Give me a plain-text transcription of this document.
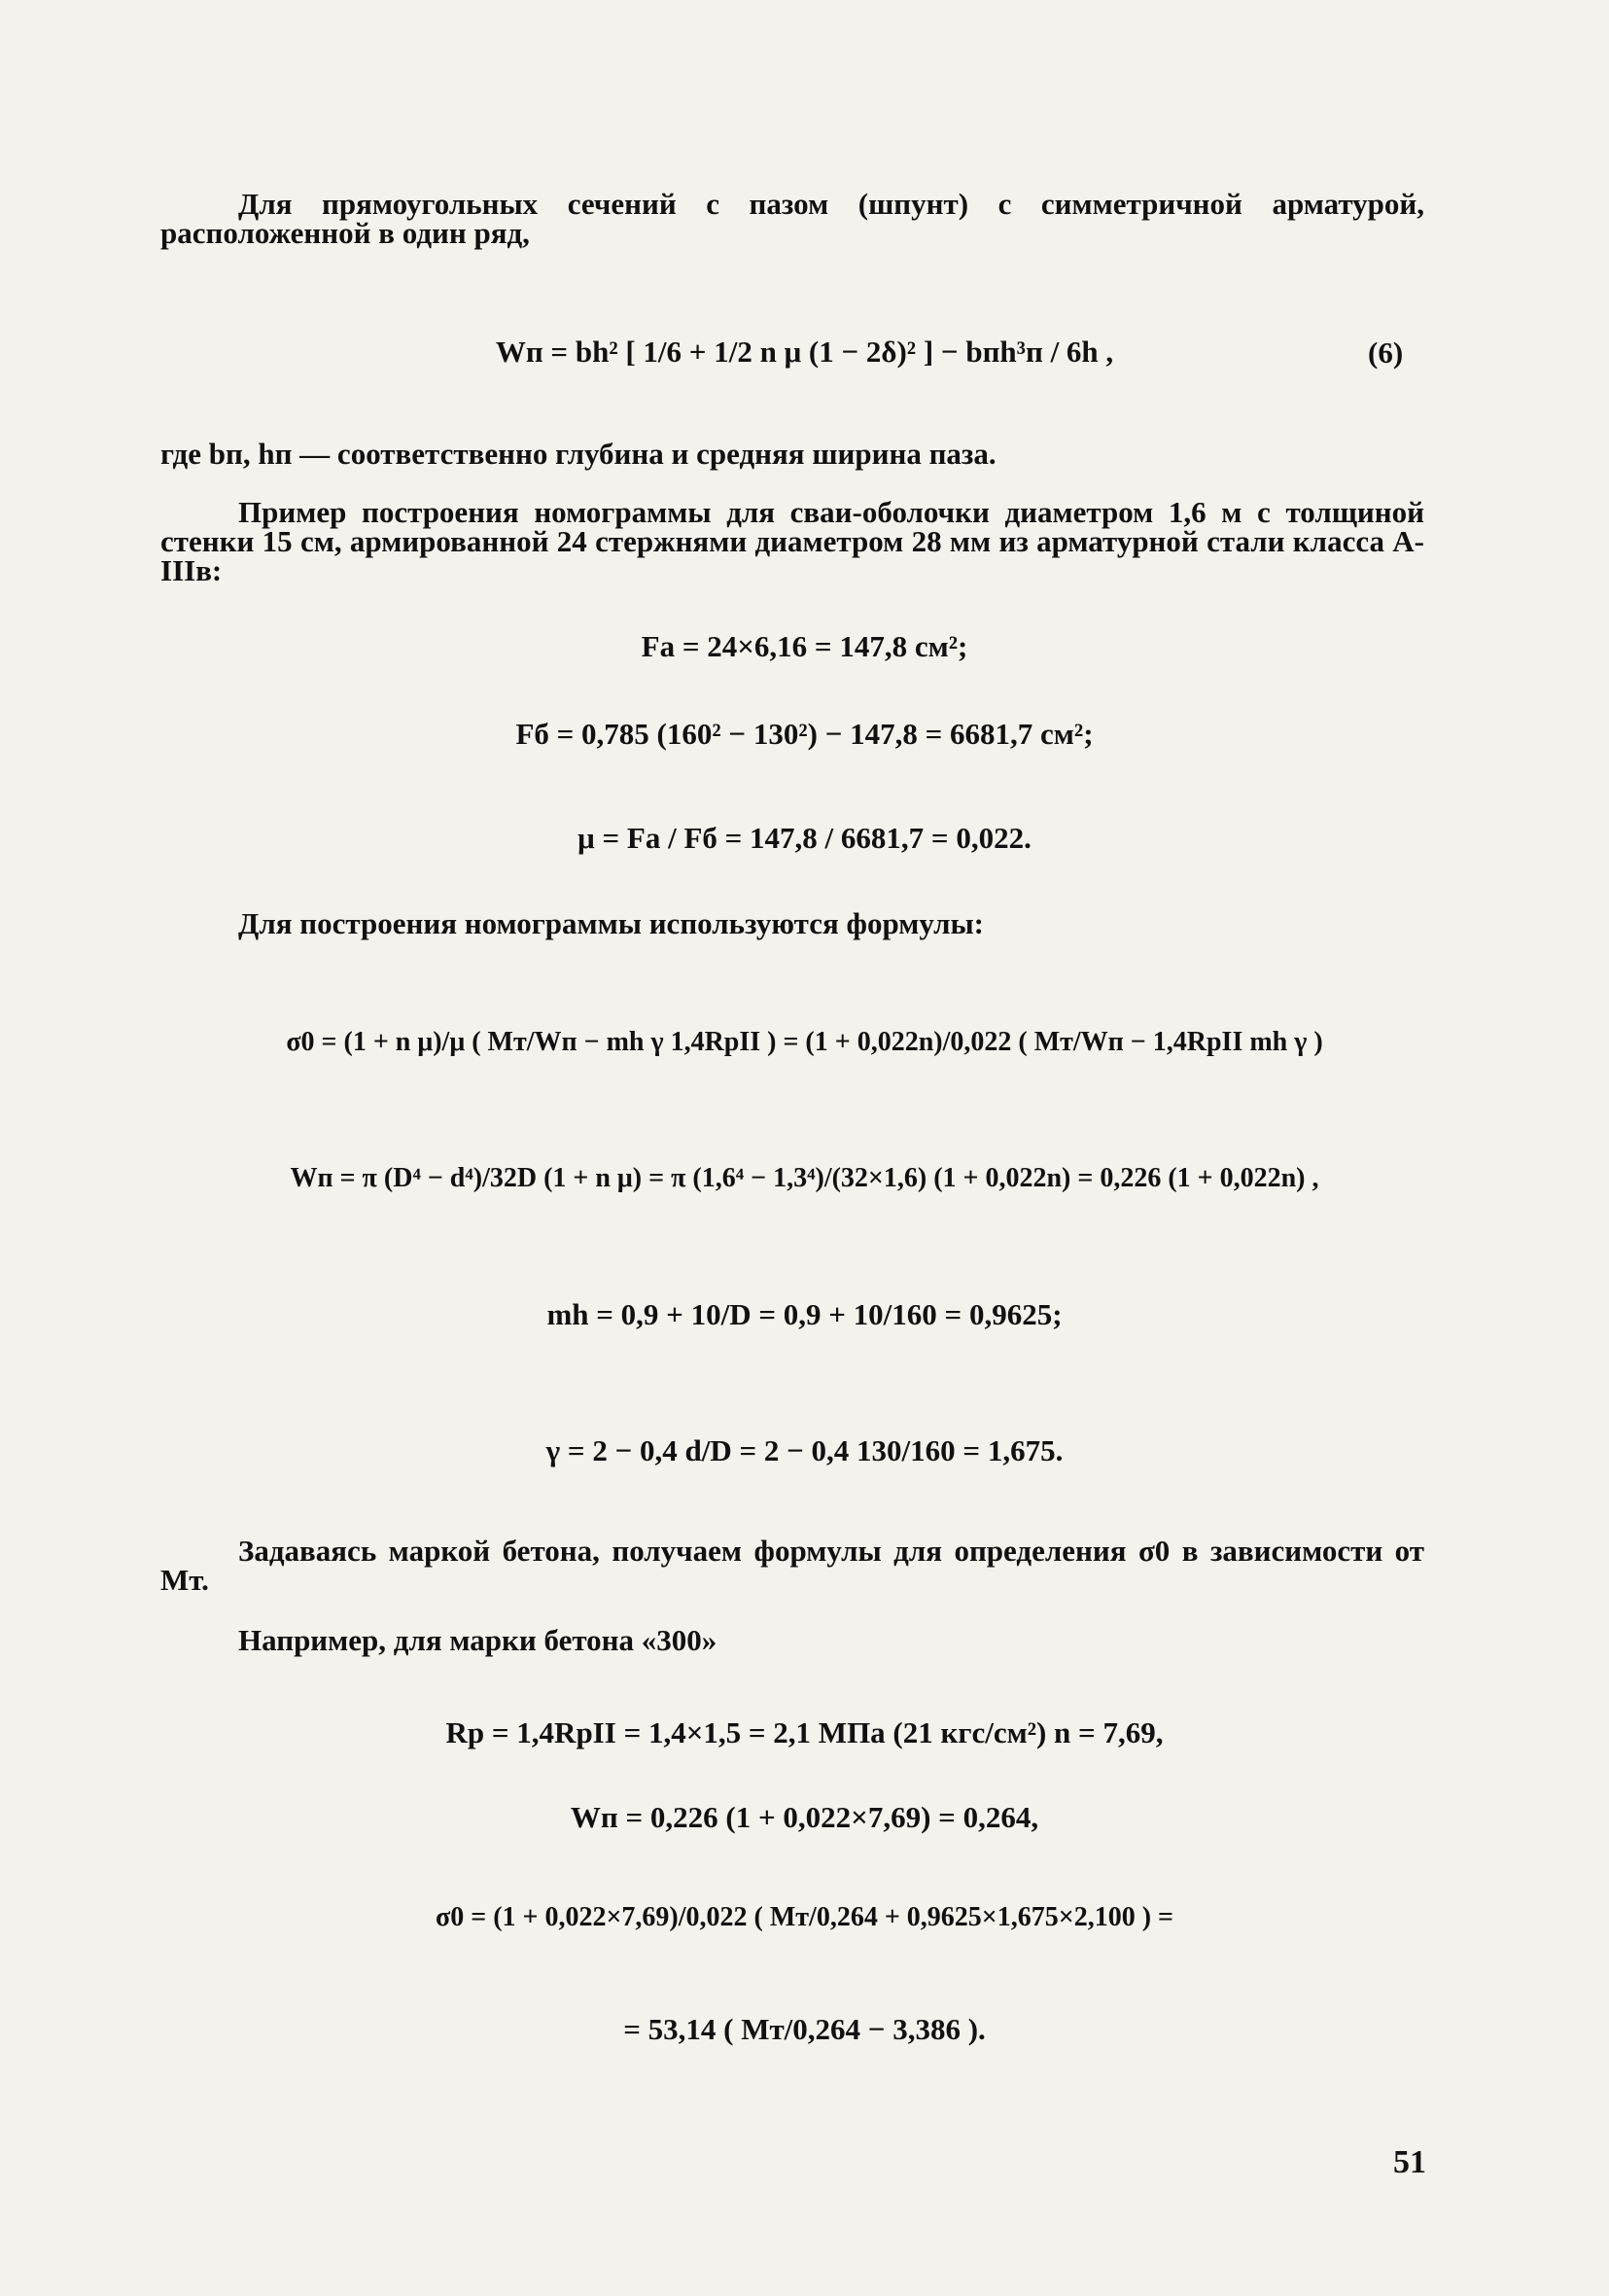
Для прямоугольных сечений с пазом (шпунт) с симметричной арматурой, расположенной в один ряд,
Wп = bh² [ 1/6 + 1/2 n μ (1 − 2δ)² ] − bпh³п / 6h ,	(6)
где bп, hп — соответственно глубина и средняя ширина паза.
Пример построения номограммы для сваи-оболочки диаметром 1,6 м с толщиной стенки 15 см, армированной 24 стержнями диаметром 28 мм из арматурной стали класса А-IIIв:
Fа = 24×6,16 = 147,8 см²;
Fб = 0,785 (160² − 130²) − 147,8 = 6681,7 см²;
μ = Fа / Fб = 147,8 / 6681,7 = 0,022.
Для построения номограммы используются формулы:
σ0 = (1 + n μ)/μ ( Mт/Wп − mh γ 1,4RрII ) = (1 + 0,022n)/0,022 ( Mт/Wп − 1,4RрII mh γ )
Wп = π (D⁴ − d⁴)/32D (1 + n μ) = π (1,6⁴ − 1,3⁴)/(32×1,6) (1 + 0,022n) = 0,226 (1 + 0,022n) ,
mh = 0,9 + 10/D = 0,9 + 10/160 = 0,9625;
γ = 2 − 0,4 d/D = 2 − 0,4 130/160 = 1,675.
Задаваясь маркой бетона, получаем формулы для определения σ0 в зависимости от Mт.
Например, для марки бетона «300»
Rр = 1,4RрII = 1,4×1,5 = 2,1 МПа (21 кгс/см²) n = 7,69,
Wп = 0,226 (1 + 0,022×7,69) = 0,264,
σ0 = (1 + 0,022×7,69)/0,022 ( Mт/0,264 + 0,9625×1,675×2,100 ) =
= 53,14 ( Mт/0,264 − 3,386 ).
51
